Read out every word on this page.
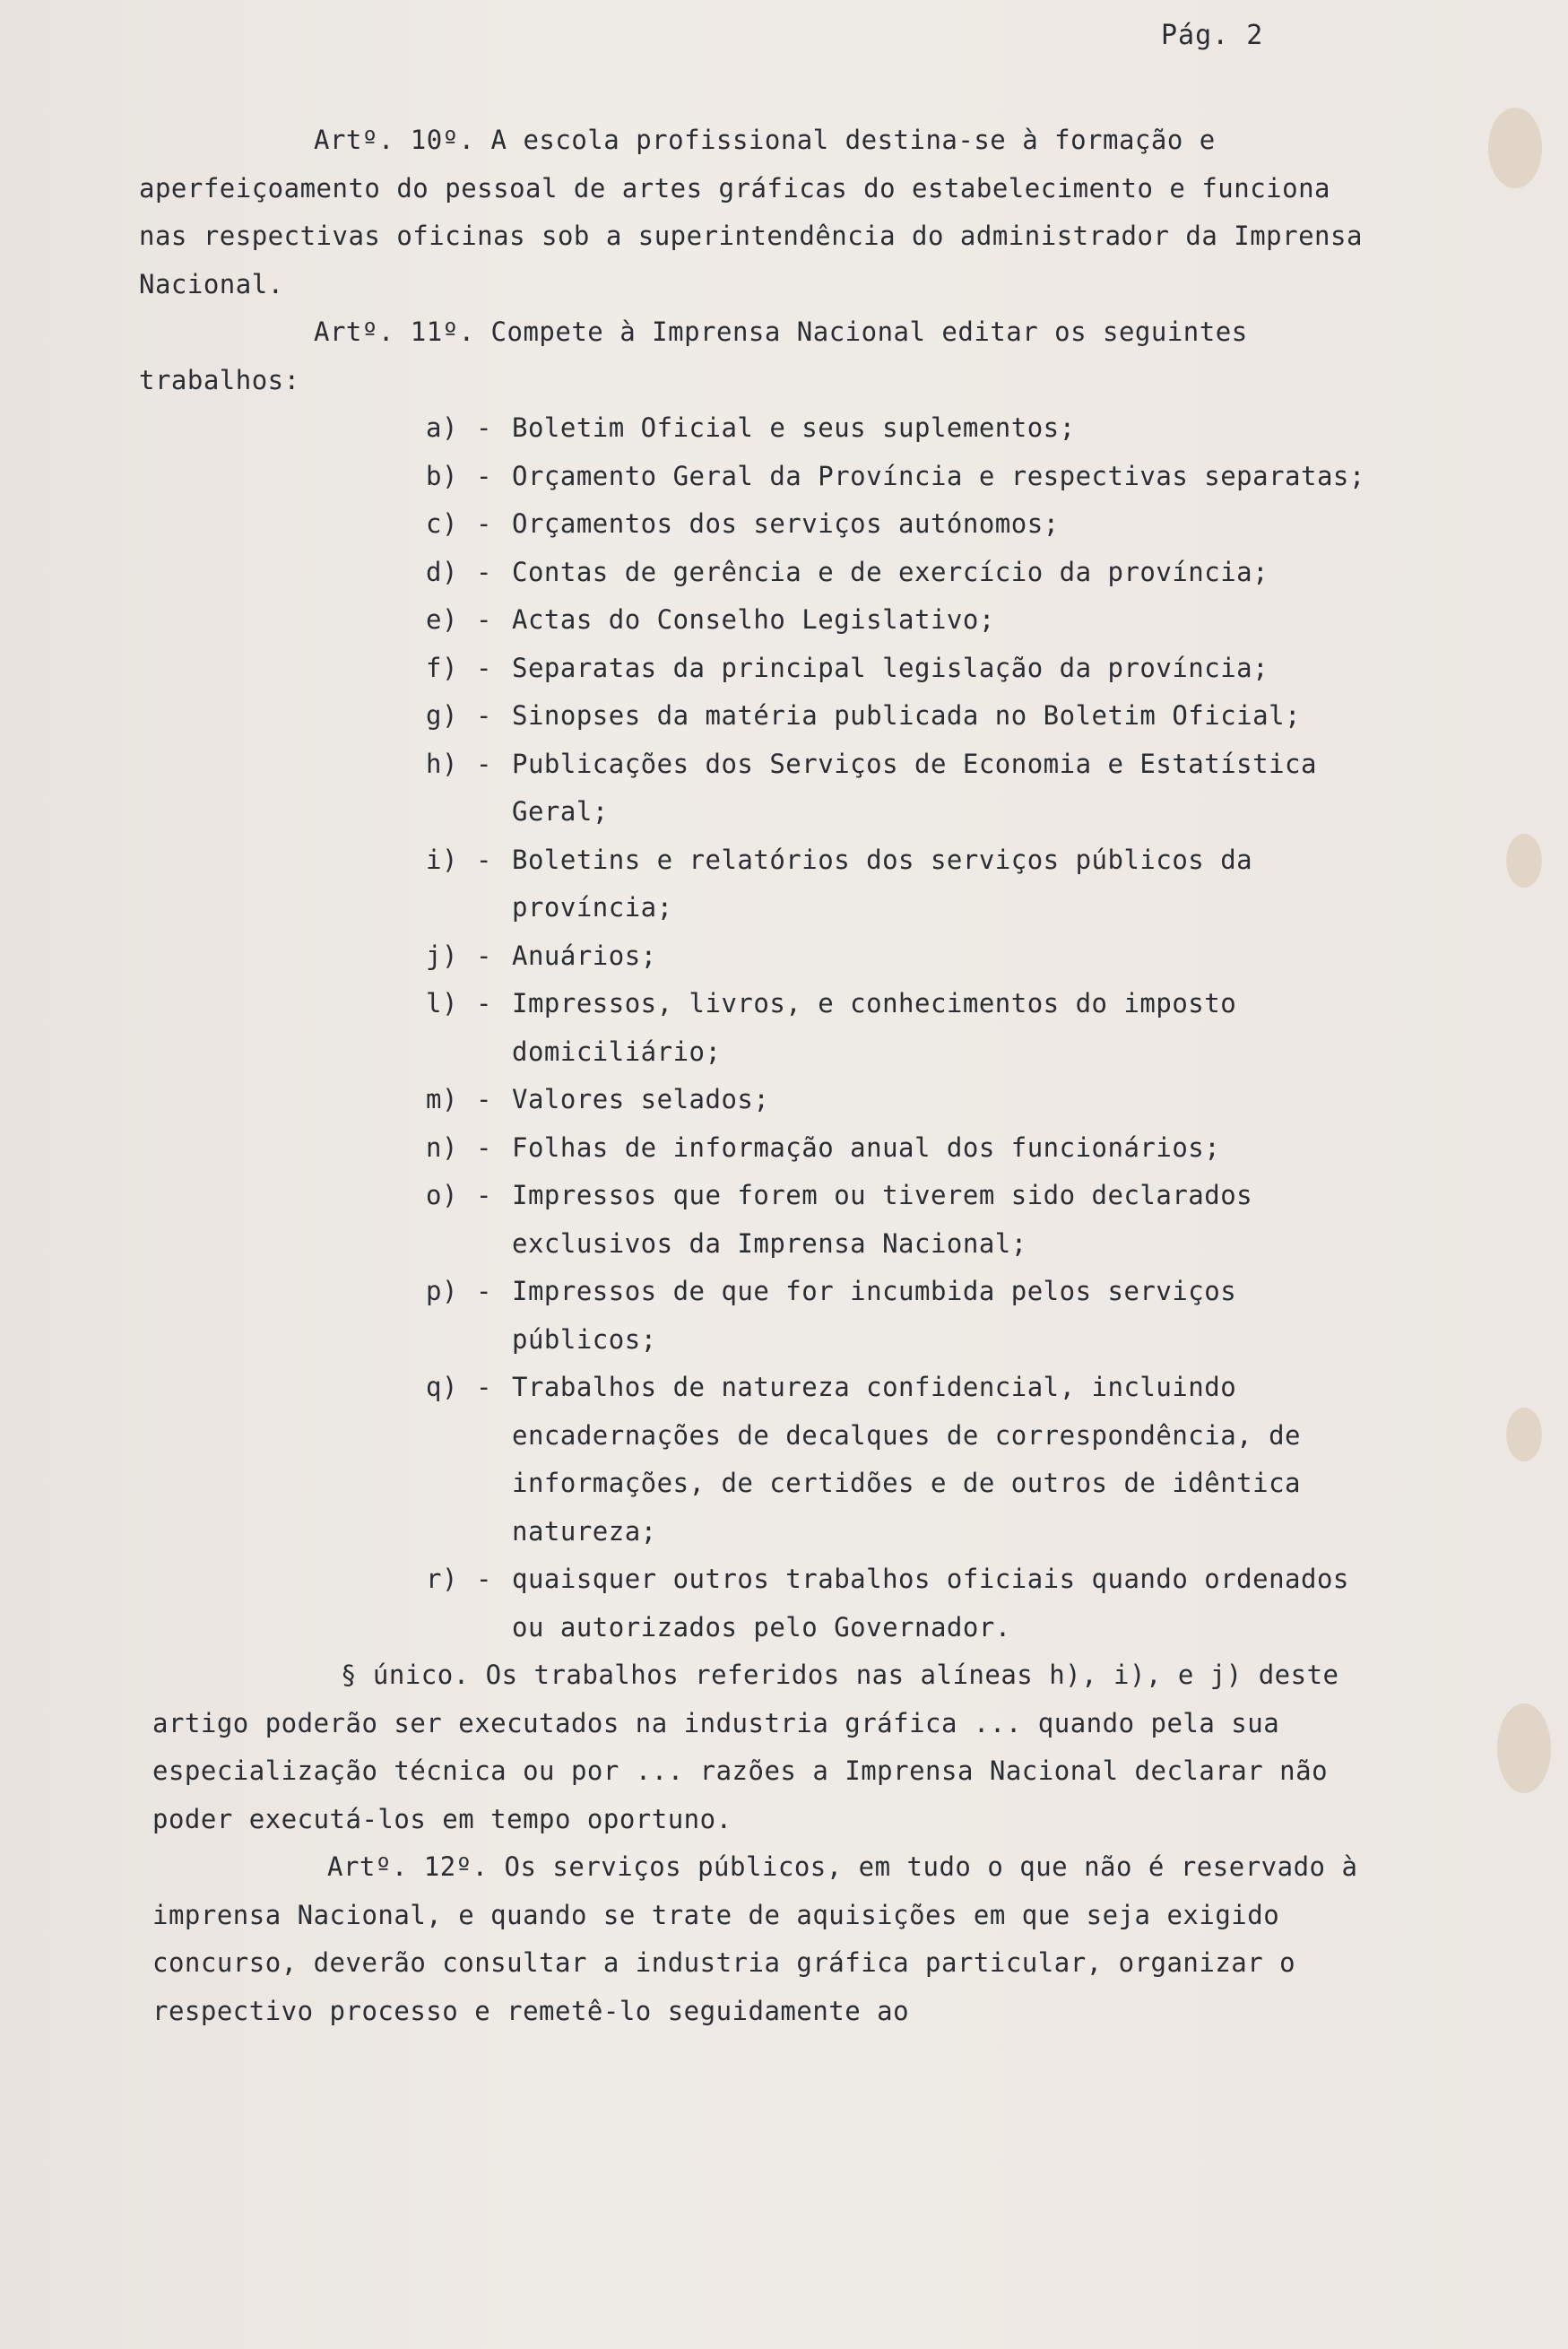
Pág. 2

Artº. 10º. A escola profissional destina-se à formação e aperfeiçoamento do pessoal de artes gráficas do estabelecimento e funciona nas respectivas oficinas sob a superintendência do administrador da Imprensa Nacional.

Artº. 11º. Compete à Imprensa Nacional editar os seguintes trabalhos:

a) - Boletim Oficial e seus suplementos;
b) - Orçamento Geral da Província e respectivas separatas;
c) - Orçamentos dos serviços autónomos;
d) - Contas de gerência e de exercício da província;
e) - Actas do Conselho Legislativo;
f) - Separatas da principal legislação da província;
g) - Sinopses da matéria publicada no Boletim Oficial;
h) - Publicações dos Serviços de Economia e Estatística Geral;
i) - Boletins e relatórios dos serviços públicos da província;
j) - Anuários;
l) - Impressos, livros, e conhecimentos do imposto domiciliário;
m) - Valores selados;
n) - Folhas de informação anual dos funcionários;
o) - Impressos que forem ou tiverem sido declarados exclusivos da Imprensa Nacional;
p) - Impressos de que for incumbida pelos serviços públicos;
q) - Trabalhos de natureza confidencial, incluindo encadernações de decalques de correspondência, de informações, de certidões e de outros de idêntica natureza;
r) - quaisquer outros trabalhos oficiais quando ordenados ou autorizados pelo Governador.

§ único. Os trabalhos referidos nas alíneas h), i), e j) deste artigo poderão ser executados na industria gráfica ... quando pela sua especialização técnica ou por ... razões a Imprensa Nacional declarar não poder executá-los em tempo oportuno.

Artº. 12º. Os serviços públicos, em tudo o que não é reservado à imprensa Nacional, e quando se trate de aquisições em que seja exigido concurso, deverão consultar a industria gráfica particular, organizar o respectivo processo e remetê-lo seguidamente ao
